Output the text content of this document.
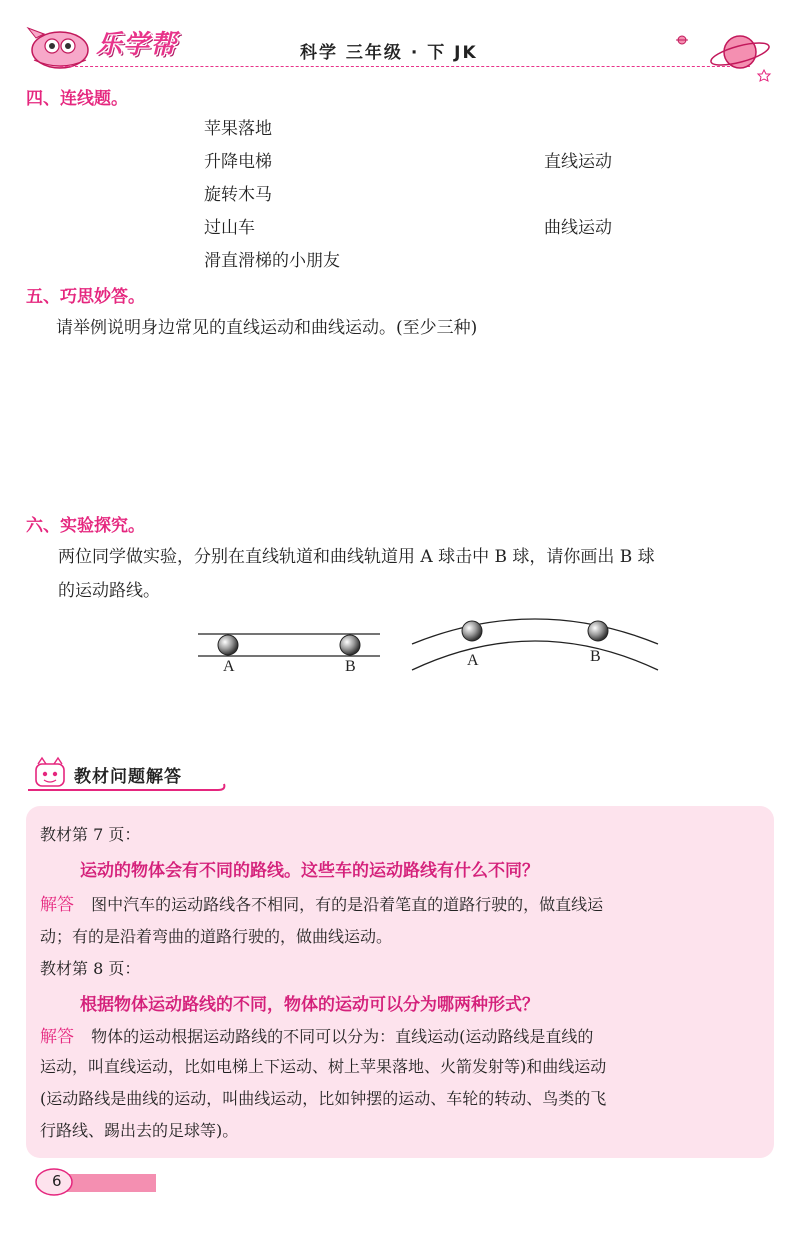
乐学帮	科学 三年级 · 下 JK
四、连线题。
苹果落地
升降电梯
旋转木马
过山车
滑直滑梯的小朋友
直线运动
曲线运动
五、巧思妙答。
请举例说明身边常见的直线运动和曲线运动。(至少三种)
六、实验探究。
两位同学做实验，分别在直线轨道和曲线轨道用 A 球击中 B 球，请你画出 B 球
的运动路线。
A	B	A	B
教材问题解答
教材第 7 页：
运动的物体会有不同的路线。这些车的运动路线有什么不同？
解答 图中汽车的运动路线各不相同，有的是沿着笔直的道路行驶的，做直线运
动；有的是沿着弯曲的道路行驶的，做曲线运动。
教材第 8 页：
根据物体运动路线的不同，物体的运动可以分为哪两种形式？
解答 物体的运动根据运动路线的不同可以分为：直线运动(运动路线是直线的
运动，叫直线运动，比如电梯上下运动、树上苹果落地、火箭发射等)和曲线运动
(运动路线是曲线的运动，叫曲线运动，比如钟摆的运动、车轮的转动、鸟类的飞
行路线、踢出去的足球等)。
6
